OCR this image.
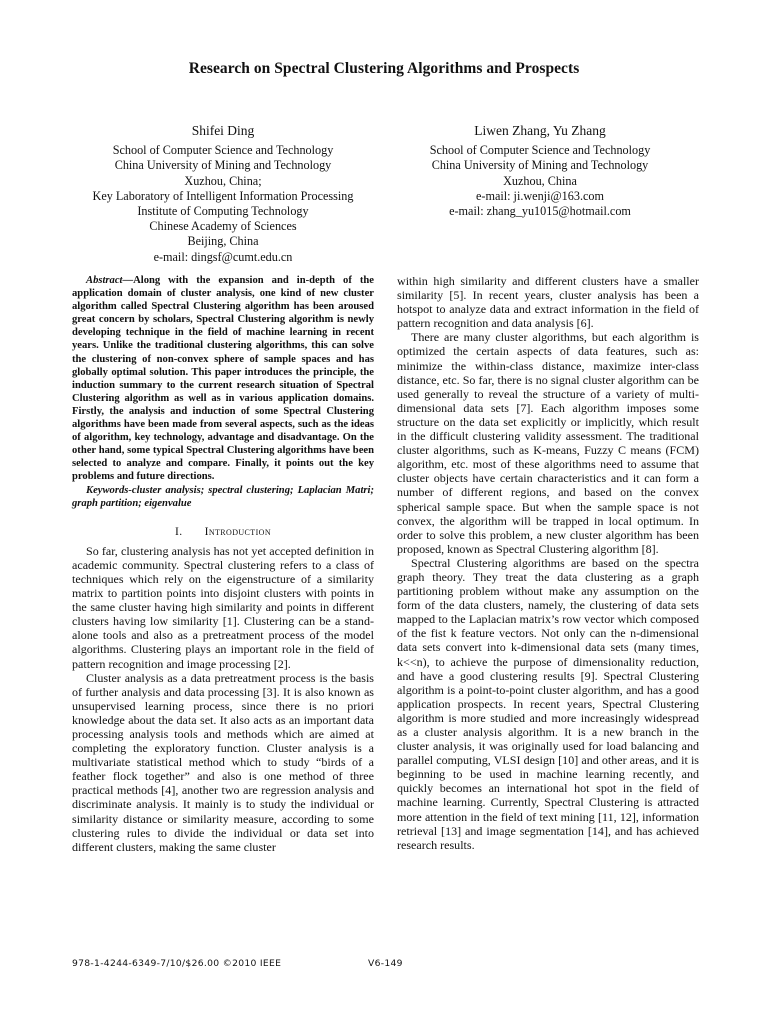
Research on Spectral Clustering Algorithms and Prospects
Shifei Ding
School of Computer Science and Technology
China University of Mining and Technology
Xuzhou, China;
Key Laboratory of Intelligent Information Processing
Institute of Computing Technology
Chinese Academy of Sciences
Beijing, China
e-mail: dingsf@cumt.edu.cn
Liwen Zhang, Yu Zhang
School of Computer Science and Technology
China University of Mining and Technology
Xuzhou, China
e-mail: ji.wenji@163.com
e-mail: zhang_yu1015@hotmail.com

Abstract—Along with the expansion and in-depth of the application domain of cluster analysis, one kind of new cluster algorithm called Spectral Clustering algorithm has been aroused great concern by scholars, Spectral Clustering algorithm is newly developing technique in the field of machine learning in recent years. Unlike the traditional clustering algorithms, this can solve the clustering of non-convex sphere of sample spaces and has globally optimal solution. This paper introduces the principle, the induction summary to the current research situation of Spectral Clustering algorithm as well as in various application domains. Firstly, the analysis and induction of some Spectral Clustering algorithms have been made from several aspects, such as the ideas of algorithm, key technology, advantage and disadvantage. On the other hand, some typical Spectral Clustering algorithms have been selected to analyze and compare. Finally, it points out the key problems and future directions.

Keywords-cluster analysis; spectral clustering; Laplacian Matri; graph partition; eigenvalue

I. Introduction

So far, clustering analysis has not yet accepted definition in academic community. Spectral clustering refers to a class of techniques which rely on the eigenstructure of a similarity matrix to partition points into disjoint clusters with points in the same cluster having high similarity and points in different clusters having low similarity [1]. Clustering can be a stand-alone tools and also as a pretreatment process of the model algorithms. Clustering plays an important role in the field of pattern recognition and image processing [2].

Cluster analysis as a data pretreatment process is the basis of further analysis and data processing [3]. It is also known as unsupervised learning process, since there is no priori knowledge about the data set. It also acts as an important data processing analysis tools and methods which are aimed at completing the exploratory function. Cluster analysis is a multivariate statistical method which to study “birds of a feather flock together” and also is one method of three practical methods [4], another two are regression analysis and discriminate analysis. It mainly is to study the individual or similarity distance or similarity measure, according to some clustering rules to divide the individual or data set into different clusters, making the same cluster

within high similarity and different clusters have a smaller similarity [5]. In recent years, cluster analysis has been a hotspot to analyze data and extract information in the field of pattern recognition and data analysis [6].

There are many cluster algorithms, but each algorithm is optimized the certain aspects of data features, such as: minimize the within-class distance, maximize inter-class distance, etc. So far, there is no signal cluster algorithm can be used generally to reveal the structure of a variety of multi-dimensional data sets [7]. Each algorithm imposes some structure on the data set explicitly or implicitly, which result in the difficult clustering validity assessment. The traditional cluster algorithms, such as K-means, Fuzzy C means (FCM) algorithm, etc. most of these algorithms need to assume that cluster objects have certain characteristics and it can form a number of different regions, and based on the convex spherical sample space. But when the sample space is not convex, the algorithm will be trapped in local optimum. In order to solve this problem, a new cluster algorithm has been proposed, known as Spectral Clustering algorithm [8].

Spectral Clustering algorithms are based on the spectra graph theory. They treat the data clustering as a graph partitioning problem without make any assumption on the form of the data clusters, namely, the clustering of data sets mapped to the Laplacian matrix’s row vector which composed of the fist k feature vectors. Not only can the n-dimensional data sets convert into k-dimensional data sets (many times, k<<n), to achieve the purpose of dimensionality reduction, and have a good clustering results [9]. Spectral Clustering algorithm is a point-to-point cluster algorithm, and has a good application prospects. In recent years, Spectral Clustering algorithm is more studied and more increasingly widespread as a cluster analysis algorithm. It is a new branch in the cluster analysis, it was originally used for load balancing and parallel computing, VLSI design [10] and other areas, and it is beginning to be used in machine learning recently, and quickly becomes an international hot spot in the field of machine learning. Currently, Spectral Clustering is attracted more attention in the field of text mining [11, 12], information retrieval [13] and image segmentation [14], and has achieved research results.

978-1-4244-6349-7/10/$26.00 ©2010 IEEE	V6-149
